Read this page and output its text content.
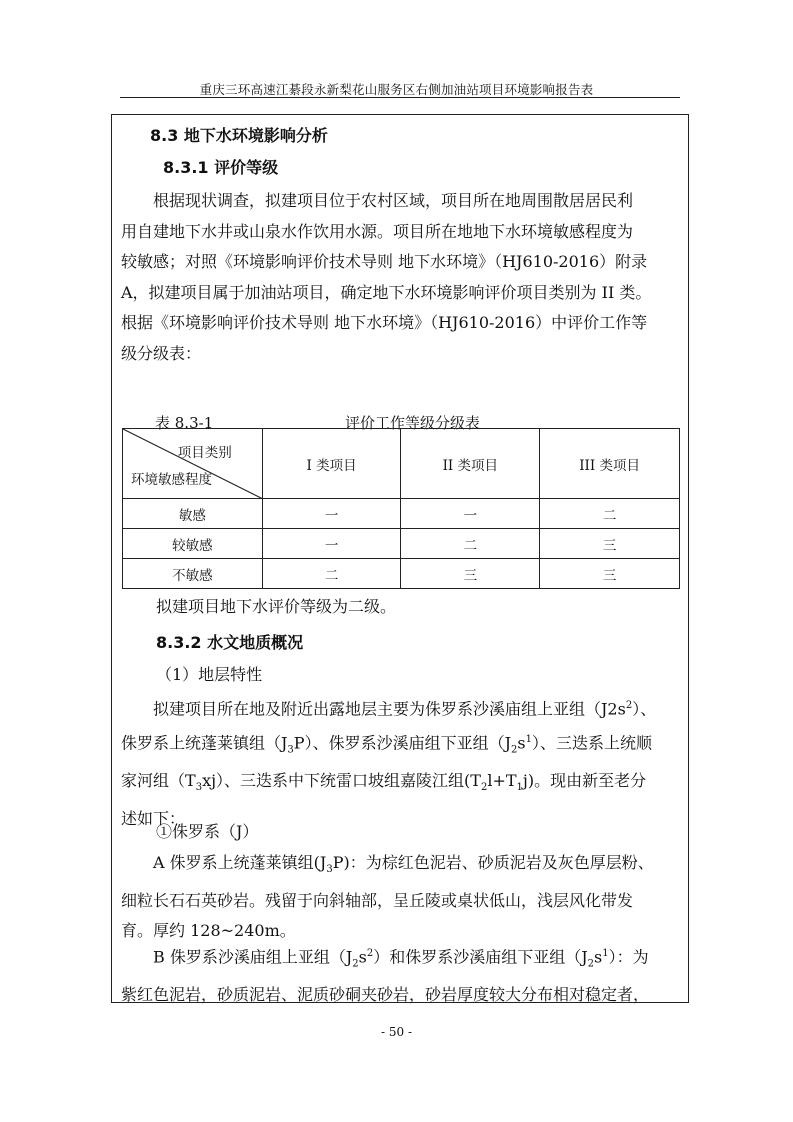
重庆三环高速江綦段永新梨花山服务区右侧加油站项目环境影响报告表
8.3 地下水环境影响分析
8.3.1 评价等级
根据现状调查，拟建项目位于农村区域，项目所在地周围散居居民利
用自建地下水井或山泉水作饮用水源。项目所在地地下水环境敏感程度为
较敏感；对照《环境影响评价技术导则 地下水环境》（HJ610-2016）附录
A，拟建项目属于加油站项目，确定地下水环境影响评价项目类别为 II 类。
根据《环境影响评价技术导则 地下水环境》（HJ610-2016）中评价工作等
级分级表：
表 8.3-1	评价工作等级分级表
项目类别
环境敏感程度	I 类项目	II 类项目	III 类项目
敏感	一	一	二
较敏感	一	二	三
不敏感	二	三	三
拟建项目地下水评价等级为二级。
8.3.2 水文地质概况
（1）地层特性
拟建项目所在地及附近出露地层主要为侏罗系沙溪庙组上亚组$(J2s^2)$、
侏罗系上统蓬莱镇组$(J_3P)$、侏罗系沙溪庙组下亚组$(J_2s^1)$、三迭系上统顺
家河组$(T_3xj)$、三迭系中下统雷口坡组嘉陵江组$(T_2l+T_1j)$。现由新至老分
述如下：
①侏罗系（J）
A 侏罗系上统蓬莱镇组$(J_3P)$：为棕红色泥岩、砂质泥岩及灰色厚层粉、
细粒长石石英砂岩。残留于向斜轴部，呈丘陵或桌状低山，浅层风化带发
育。厚约 128~240m。
B 侏罗系沙溪庙组上亚组$(J_2s^2)$和侏罗系沙溪庙组下亚组$(J_2s^1)$：为
紫红色泥岩，砂质泥岩、泥质砂硐夹砂岩，砂岩厚度较大分布相对稳定者，
- 50 -
